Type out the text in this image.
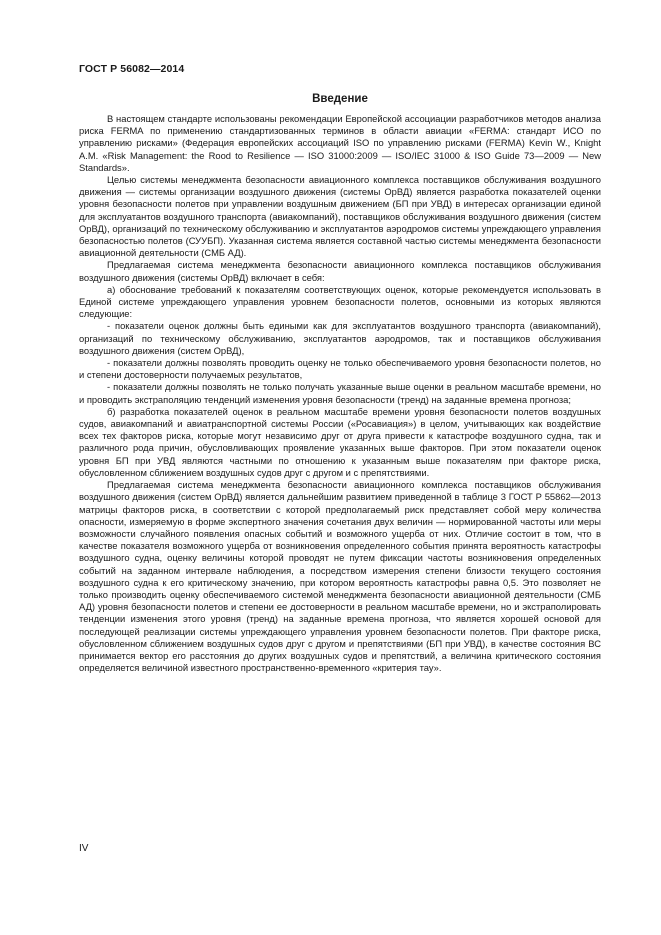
ГОСТ Р 56082—2014
Введение

В настоящем стандарте использованы рекомендации Европейской ассоциации разработчиков методов анализа риска FERMA по применению стандартизованных терминов в области авиации «FERMA: стандарт ИСО по управлению рисками» (Федерация европейских ассоциаций ISO по управлению рисками (FERMA) Kevin W., Knight A.M. «Risk Management: the Rood to Resilience — ISO 31000:2009 — ISO/IEC 31000 & ISO Guide 73—2009 — New Standards».

Целью системы менеджмента безопасности авиационного комплекса поставщиков обслуживания воздушного движения — системы организации воздушного движения (системы ОрВД) является разработка показателей оценки уровня безопасности полетов при управлении воздушным движением (БП при УВД) в интересах организации единой для эксплуатантов воздушного транспорта (авиакомпаний), поставщиков обслуживания воздушного движения (систем ОрВД), организаций по техническому обслуживанию и эксплуатантов аэродромов системы упреждающего управления безопасностью полетов (СУУБП). Указанная система является составной частью системы менеджмента безопасности авиационной деятельности (СМБ АД).

Предлагаемая система менеджмента безопасности авиационного комплекса поставщиков обслуживания воздушного движения (системы ОрВД) включает в себя:

а) обоснование требований к показателям соответствующих оценок, которые рекомендуется использовать в Единой системе упреждающего управления уровнем безопасности полетов, основными из которых являются следующие:

- показатели оценок должны быть едиными как для эксплуатантов воздушного транспорта (авиакомпаний), организаций по техническому обслуживанию, эксплуатантов аэродромов, так и поставщиков обслуживания воздушного движения (систем ОрВД),

- показатели должны позволять проводить оценку не только обеспечиваемого уровня безопасности полетов, но и степени достоверности получаемых результатов,

- показатели должны позволять не только получать указанные выше оценки в реальном масштабе времени, но и проводить экстраполяцию тенденций изменения уровня безопасности (тренд) на заданные времена прогноза;

б) разработка показателей оценок в реальном масштабе времени уровня безопасности полетов воздушных судов, авиакомпаний и авиатранспортной системы России («Росавиация») в целом, учитывающих как воздействие всех тех факторов риска, которые могут независимо друг от друга привести к катастрофе воздушного судна, так и различного рода причин, обусловливающих проявление указанных выше факторов. При этом показатели оценок уровня БП при УВД являются частными по отношению к указанным выше показателям при факторе риска, обусловленном сближением воздушных судов друг с другом и с препятствиями.

Предлагаемая система менеджмента безопасности авиационного комплекса поставщиков обслуживания воздушного движения (систем ОрВД) является дальнейшим развитием приведенной в таблице 3 ГОСТ Р 55862—2013 матрицы факторов риска, в соответствии с которой предполагаемый риск представляет собой меру количества опасности, измеряемую в форме экспертного значения сочетания двух величин — нормированной частоты или меры возможности случайного появления опасных событий и возможного ущерба от них. Отличие состоит в том, что в качестве показателя возможного ущерба от возникновения определенного события принята вероятность катастрофы воздушного судна, оценку величины которой проводят не путем фиксации частоты возникновения определенных событий на заданном интервале наблюдения, а посредством измерения степени близости текущего состояния воздушного судна к его критическому значению, при котором вероятность катастрофы равна 0,5. Это позволяет не только производить оценку обеспечиваемого системой менеджмента безопасности авиационной деятельности (СМБ АД) уровня безопасности полетов и степени ее достоверности в реальном масштабе времени, но и экстраполировать тенденции изменения этого уровня (тренд) на заданные времена прогноза, что является хорошей основой для последующей реализации системы упреждающего управления уровнем безопасности полетов. При факторе риска, обусловленном сближением воздушных судов друг с другом и препятствиями (БП при УВД), в качестве состояния ВС принимается вектор его расстояния до других воздушных судов и препятствий, а величина критического состояния определяется величиной известного пространственно-временного «критерия тау».

IV
